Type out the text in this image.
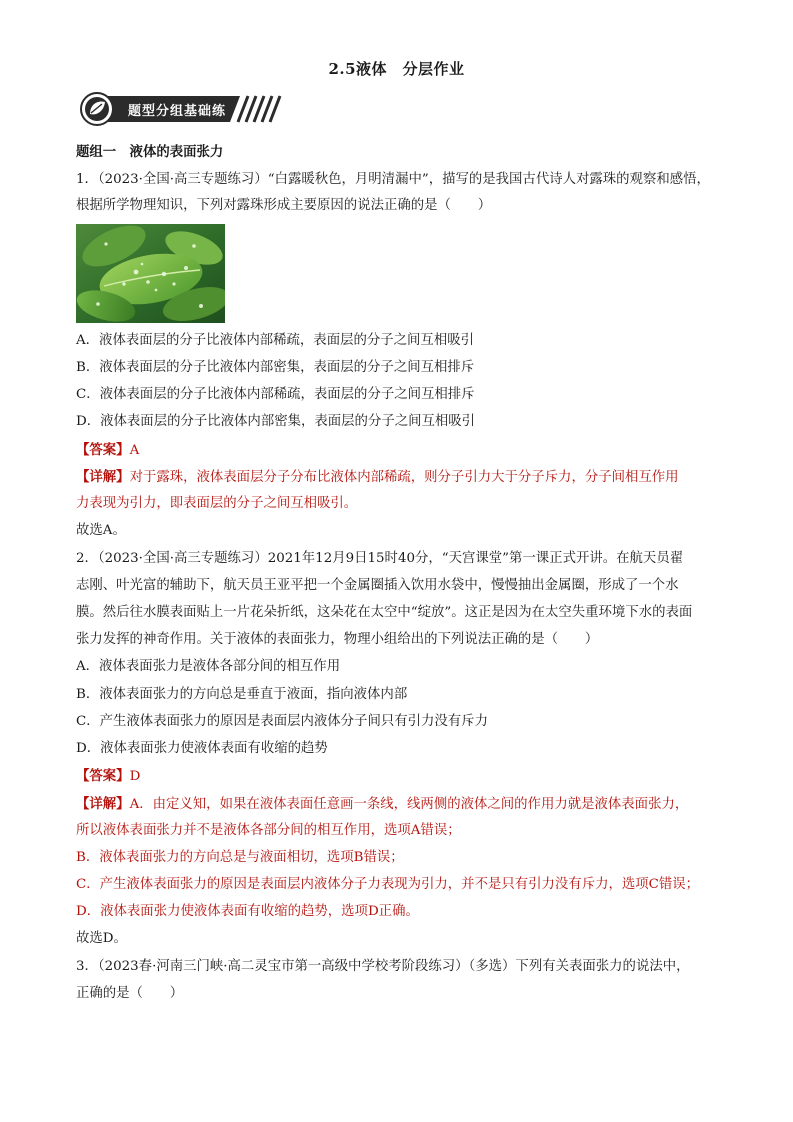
2.5液体　分层作业
题型分组基础练
题组一　液体的表面张力
1．（2023·全国·高三专题练习）“白露暖秋色，月明清漏中”，描写的是我国古代诗人对露珠的观察和感悟，
根据所学物理知识，下列对露珠形成主要原因的说法正确的是（　　）
A．液体表面层的分子比液体内部稀疏，表面层的分子之间互相吸引
B．液体表面层的分子比液体内部密集，表面层的分子之间互相排斥
C．液体表面层的分子比液体内部稀疏，表面层的分子之间互相排斥
D．液体表面层的分子比液体内部密集，表面层的分子之间互相吸引
【答案】A
【详解】对于露珠，液体表面层分子分布比液体内部稀疏，则分子引力大于分子斥力，分子间相互作用
力表现为引力，即表面层的分子之间互相吸引。
故选A。
2．（2023·全国·高三专题练习）2021年12月9日15时40分，“天宫课堂”第一课正式开讲。在航天员翟
志刚、叶光富的辅助下，航天员王亚平把一个金属圈插入饮用水袋中，慢慢抽出金属圈，形成了一个水
膜。然后往水膜表面贴上一片花朵折纸，这朵花在太空中“绽放”。这正是因为在太空失重环境下水的表面
张力发挥的神奇作用。关于液体的表面张力，物理小组给出的下列说法正确的是（　　）
A．液体表面张力是液体各部分间的相互作用
B．液体表面张力的方向总是垂直于液面，指向液体内部
C．产生液体表面张力的原因是表面层内液体分子间只有引力没有斥力
D．液体表面张力使液体表面有收缩的趋势
【答案】D
【详解】A．由定义知，如果在液体表面任意画一条线，线两侧的液体之间的作用力就是液体表面张力，
所以液体表面张力并不是液体各部分间的相互作用，选项A错误；
B．液体表面张力的方向总是与液面相切，选项B错误；
C．产生液体表面张力的原因是表面层内液体分子力表现为引力，并不是只有引力没有斥力，选项C错误；
D．液体表面张力使液体表面有收缩的趋势，选项D正确。
故选D。
3．（2023春·河南三门峡·高二灵宝市第一高级中学校考阶段练习）（多选）下列有关表面张力的说法中，
正确的是（　　）
